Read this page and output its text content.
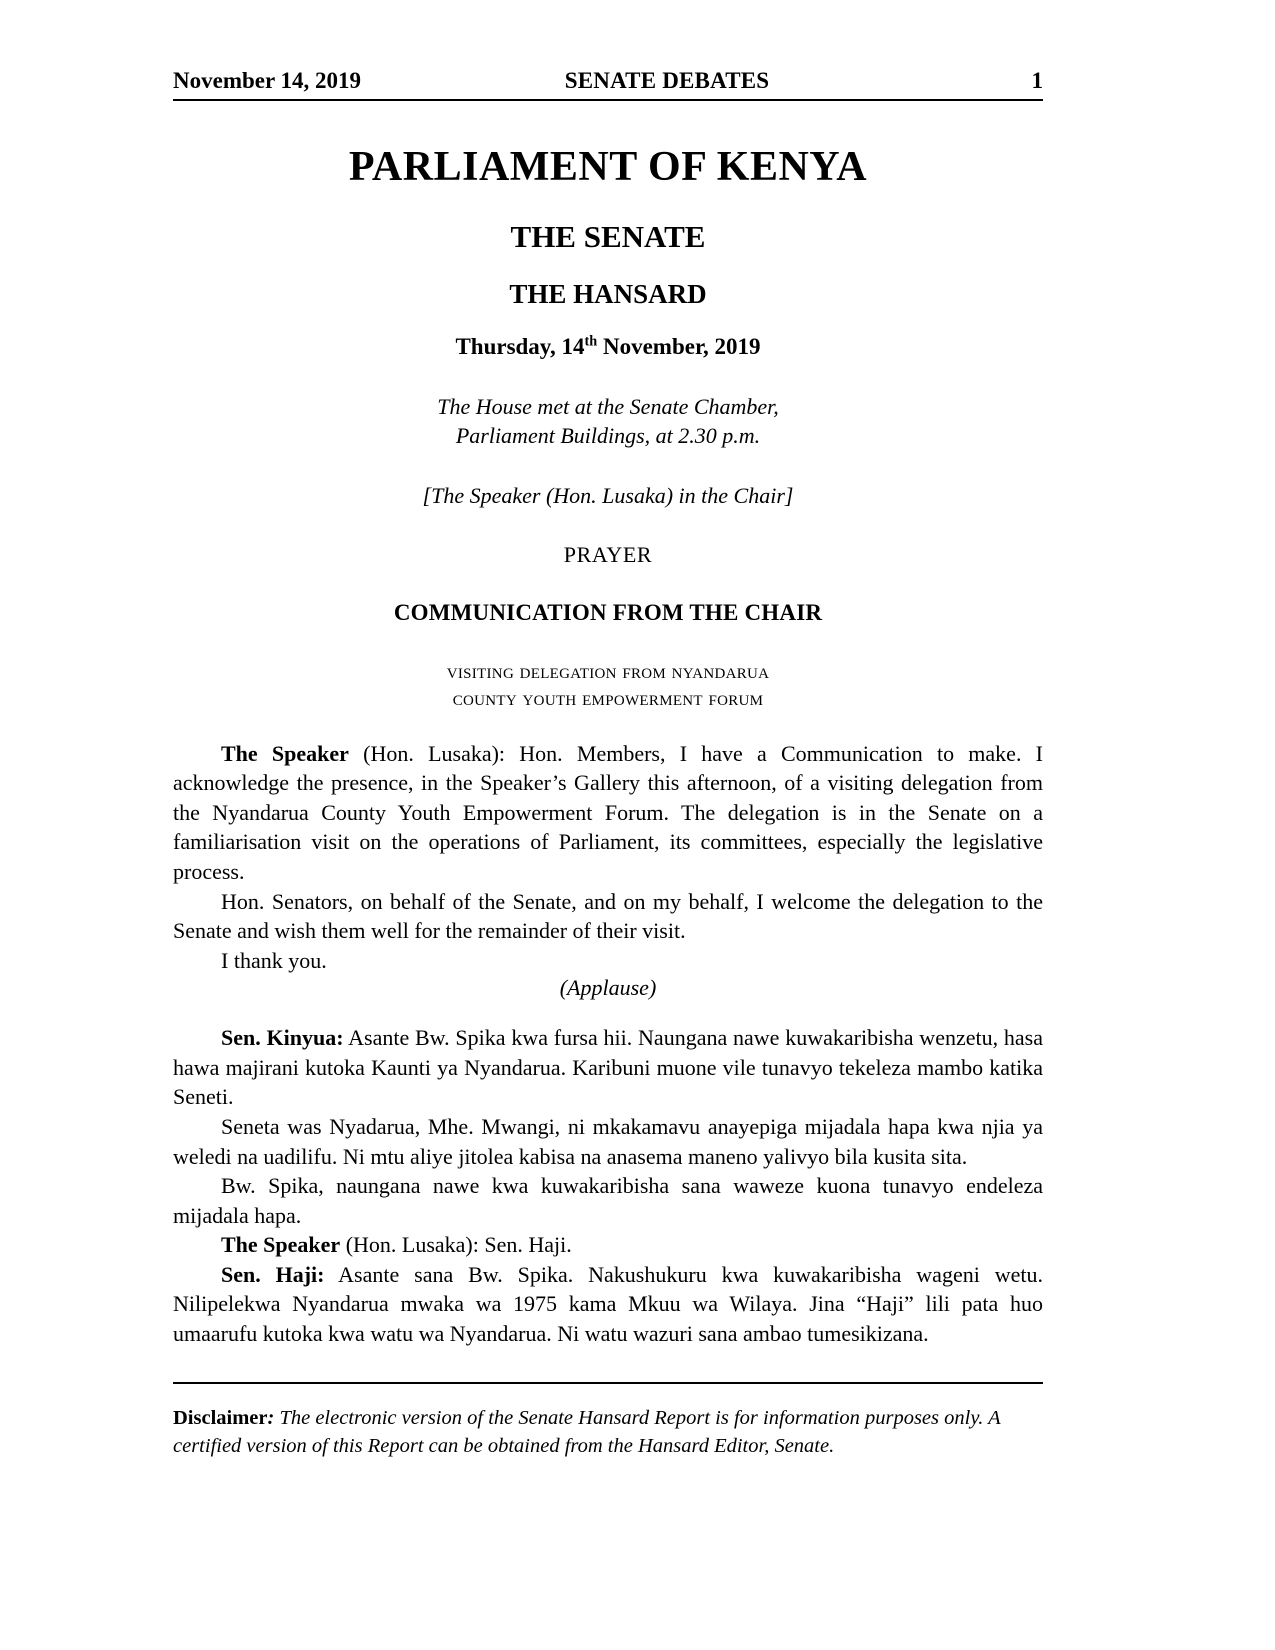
November 14, 2019	SENATE DEBATES	1
PARLIAMENT OF KENYA
THE SENATE
THE HANSARD
Thursday, 14th November, 2019
The House met at the Senate Chamber,
Parliament Buildings, at 2.30 p.m.
[The Speaker (Hon. Lusaka) in the Chair]
PRAYER
COMMUNICATION FROM THE CHAIR
visiting delegation from nyandarua
county youth empowerment forum

The Speaker (Hon. Lusaka): Hon. Members, I have a Communication to make. I acknowledge the presence, in the Speaker’s Gallery this afternoon, of a visiting delegation from the Nyandarua County Youth Empowerment Forum. The delegation is in the Senate on a familiarisation visit on the operations of Parliament, its committees, especially the legislative process.

Hon. Senators, on behalf of the Senate, and on my behalf, I welcome the delegation to the Senate and wish them well for the remainder of their visit.

I thank you.

(Applause)

Sen. Kinyua: Asante Bw. Spika kwa fursa hii. Naungana nawe kuwakaribisha wenzetu, hasa hawa majirani kutoka Kaunti ya Nyandarua. Karibuni muone vile tunavyo tekeleza mambo katika Seneti.

Seneta was Nyadarua, Mhe. Mwangi, ni mkakamavu anayepiga mijadala hapa kwa njia ya weledi na uadilifu. Ni mtu aliye jitolea kabisa na anasema maneno yalivyo bila kusita sita.

Bw. Spika, naungana nawe kwa kuwakaribisha sana waweze kuona tunavyo endeleza mijadala hapa.

The Speaker (Hon. Lusaka): Sen. Haji.

Sen. Haji: Asante sana Bw. Spika. Nakushukuru kwa kuwakaribisha wageni wetu. Nilipelekwa Nyandarua mwaka wa 1975 kama Mkuu wa Wilaya. Jina “Haji” lili pata huo umaarufu kutoka kwa watu wa Nyandarua. Ni watu wazuri sana ambao tumesikizana.

Disclaimer: The electronic version of the Senate Hansard Report is for information purposes only. A certified version of this Report can be obtained from the Hansard Editor, Senate.
